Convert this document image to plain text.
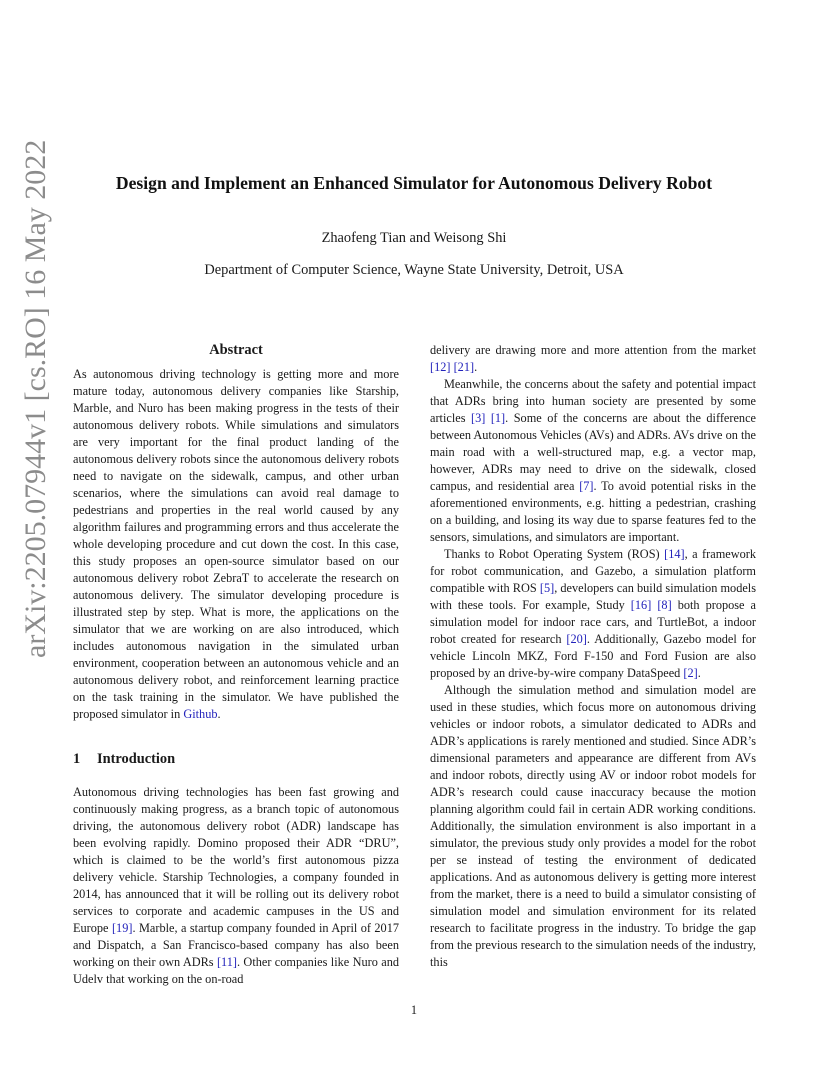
arXiv:2205.07944v1 [cs.RO] 16 May 2022	Design and Implement an Enhanced Simulator for Autonomous Delivery Robot
Zhaofeng Tian and Weisong Shi
Department of Computer Science, Wayne State University, Detroit, USA
Abstract

As autonomous driving technology is getting more and more mature today, autonomous delivery companies like Starship, Marble, and Nuro has been making progress in the tests of their autonomous delivery robots. While simulations and simulators are very important for the final product landing of the autonomous delivery robots since the autonomous delivery robots need to navigate on the sidewalk, campus, and other urban scenarios, where the simulations can avoid real damage to pedestrians and properties in the real world caused by any algorithm failures and programming errors and thus accelerate the whole developing procedure and cut down the cost. In this case, this study proposes an open-source simulator based on our autonomous delivery robot ZebraT to accelerate the research on autonomous delivery. The simulator developing procedure is illustrated step by step. What is more, the applications on the simulator that we are working on are also introduced, which includes autonomous navigation in the simulated urban environment, cooperation between an autonomous vehicle and an autonomous delivery robot, and reinforcement learning practice on the task training in the simulator. We have published the proposed simulator in Github.

1 Introduction

Autonomous driving technologies has been fast growing and continuously making progress, as a branch topic of autonomous driving, the autonomous delivery robot (ADR) landscape has been evolving rapidly. Domino proposed their ADR “DRU”, which is claimed to be the world’s first autonomous pizza delivery vehicle. Starship Technologies, a company founded in 2014, has announced that it will be rolling out its delivery robot services to corporate and academic campuses in the US and Europe [19]. Marble, a startup company founded in April of 2017 and Dispatch, a San Francisco-based company has also been working on their own ADRs [11]. Other companies like Nuro and Udelv that working on the on-road

delivery are drawing more and more attention from the market [12] [21].

Meanwhile, the concerns about the safety and potential impact that ADRs bring into human society are presented by some articles [3] [1]. Some of the concerns are about the difference between Autonomous Vehicles (AVs) and ADRs. AVs drive on the main road with a well-structured map, e.g. a vector map, however, ADRs may need to drive on the sidewalk, closed campus, and residential area [7]. To avoid potential risks in the aforementioned environments, e.g. hitting a pedestrian, crashing on a building, and losing its way due to sparse features fed to the sensors, simulations, and simulators are important.

Thanks to Robot Operating System (ROS) [14], a framework for robot communication, and Gazebo, a simulation platform compatible with ROS [5], developers can build simulation models with these tools. For example, Study [16] [8] both propose a simulation model for indoor race cars, and TurtleBot, a indoor robot created for research [20]. Additionally, Gazebo model for vehicle Lincoln MKZ, Ford F-150 and Ford Fusion are also proposed by an drive-by-wire company DataSpeed [2].

Although the simulation method and simulation model are used in these studies, which focus more on autonomous driving vehicles or indoor robots, a simulator dedicated to ADRs and ADR’s applications is rarely mentioned and studied. Since ADR’s dimensional parameters and appearance are different from AVs and indoor robots, directly using AV or indoor robot models for ADR’s research could cause inaccuracy because the motion planning algorithm could fail in certain ADR working conditions. Additionally, the simulation environment is also important in a simulator, the previous study only provides a model for the robot per se instead of testing the environment of dedicated applications. And as autonomous delivery is getting more interest from the market, there is a need to build a simulator consisting of simulation model and simulation environment for its related research to facilitate progress in the industry. To bridge the gap from the previous research to the simulation needs of the industry, this

1
